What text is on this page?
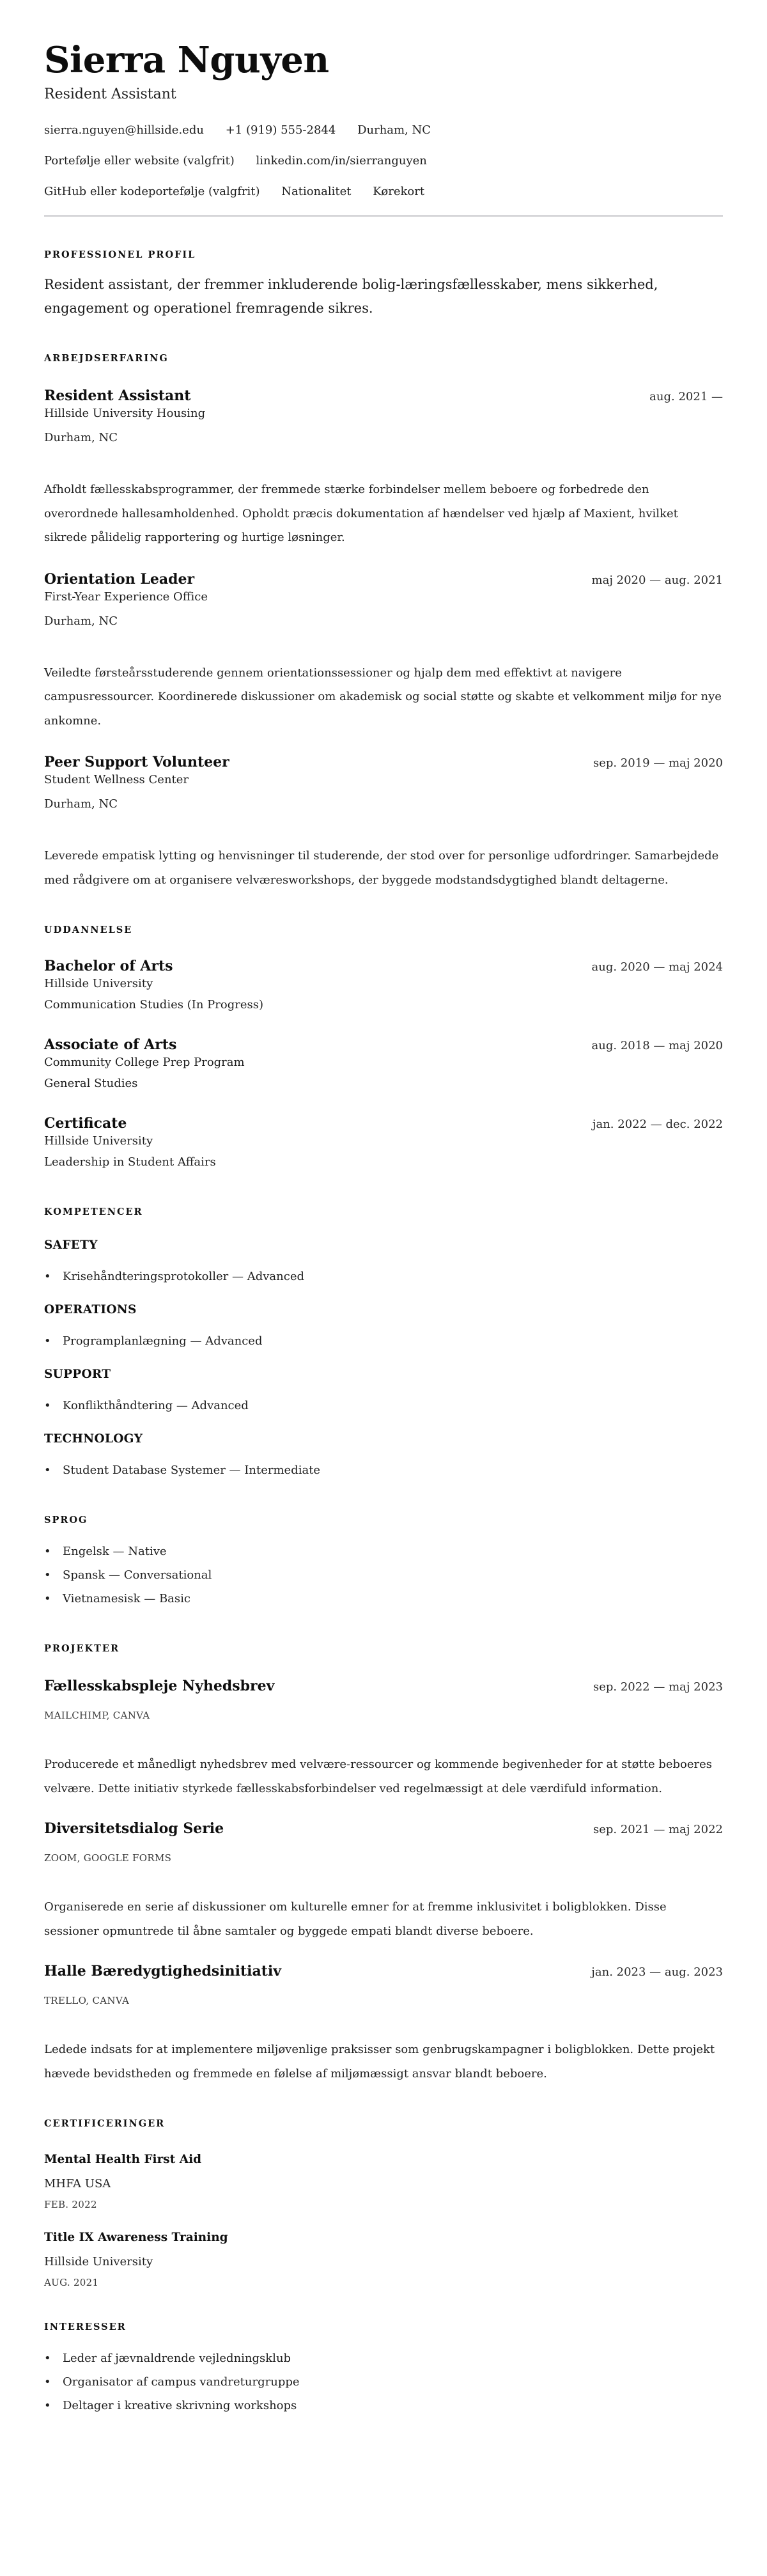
Sierra Nguyen
Resident Assistant
sierra.nguyen@hillside.edu +1 (919) 555-2844 Durham, NC
Portefølje eller website (valgfrit) linkedin.com/in/sierranguyen
GitHub eller kodeportefølje (valgfrit) Nationalitet Kørekort
PROFESSIONEL PROFIL

Resident assistant, der fremmer inkluderende bolig-læringsfællesskaber, mens sikkerhed, engagement og operationel fremragende sikres.

ARBEJDSERFARING
Resident Assistant	aug. 2021 —
Hillside University Housing
Durham, NC

Afholdt fællesskabsprogrammer, der fremmede stærke forbindelser mellem beboere og forbedrede den overordnede hallesamholdenhed. Opholdt præcis dokumentation af hændelser ved hjælp af Maxient, hvilket sikrede pålidelig rapportering og hurtige løsninger.

Orientation Leader	maj 2020 — aug. 2021
First-Year Experience Office
Durham, NC

Veiledte førsteårsstuderende gennem orientationssessioner og hjalp dem med effektivt at navigere campusressourcer. Koordinerede diskussioner om akademisk og social støtte og skabte et velkomment miljø for nye ankomne.

Peer Support Volunteer	sep. 2019 — maj 2020
Student Wellness Center
Durham, NC

Leverede empatisk lytting og henvisninger til studerende, der stod over for personlige udfordringer. Samarbejdede med rådgivere om at organisere velværesworkshops, der byggede modstandsdygtighed blandt deltagerne.

UDDANNELSE
Bachelor of Arts	aug. 2020 — maj 2024
Hillside University
Communication Studies (In Progress)
Associate of Arts	aug. 2018 — maj 2020
Community College Prep Program
General Studies
Certificate	jan. 2022 — dec. 2022
Hillside University
Leadership in Student Affairs
KOMPETENCER
SAFETY
• Krisehåndteringsprotokoller — Advanced
OPERATIONS
• Programplanlægning — Advanced
SUPPORT
• Konflikthåndtering — Advanced
TECHNOLOGY
• Student Database Systemer — Intermediate
SPROG
• Engelsk — Native
• Spansk — Conversational
• Vietnamesisk — Basic
PROJEKTER
Fællesskabspleje Nyhedsbrev	sep. 2022 — maj 2023
MAILCHIMP, CANVA

Producerede et månedligt nyhedsbrev med velvære-ressourcer og kommende begivenheder for at støtte beboeres velvære. Dette initiativ styrkede fællesskabsforbindelser ved regelmæssigt at dele værdifuld information.

Diversitetsdialog Serie	sep. 2021 — maj 2022
ZOOM, GOOGLE FORMS

Organiserede en serie af diskussioner om kulturelle emner for at fremme inklusivitet i boligblokken. Disse sessioner opmuntrede til åbne samtaler og byggede empati blandt diverse beboere.

Halle Bæredygtighedsinitiativ	jan. 2023 — aug. 2023
TRELLO, CANVA

Ledede indsats for at implementere miljøvenlige praksisser som genbrugskampagner i boligblokken. Dette projekt hævede bevidstheden og fremmede en følelse af miljømæssigt ansvar blandt beboere.

CERTIFICERINGER
Mental Health First Aid
MHFA USA
FEB. 2022
Title IX Awareness Training
Hillside University
AUG. 2021
INTERESSER
• Leder af jævnaldrende vejledningsklub
• Organisator af campus vandreturgruppe
• Deltager i kreative skrivning workshops
